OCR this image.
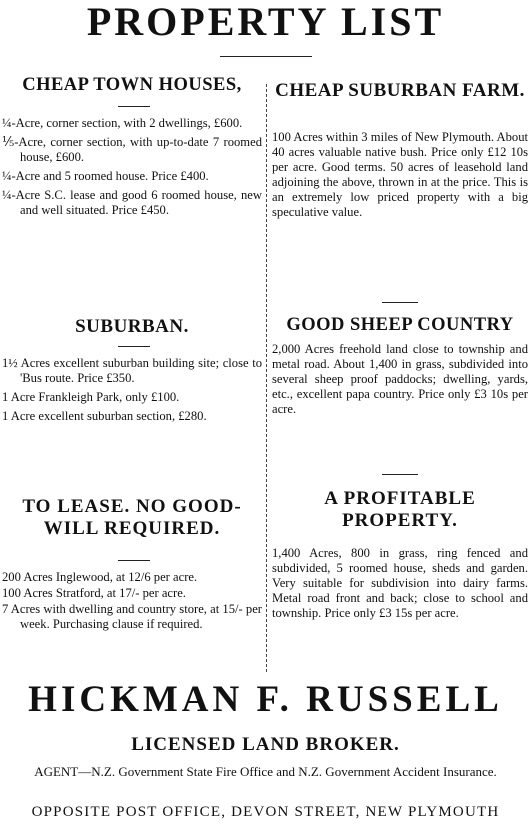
PROPERTY LIST
CHEAP TOWN HOUSES,
¼-Acre, corner section, with 2 dwellings, £600.
⅕-Acre, corner section, with up-to-date 7 roomed house, £600.
¼-Acre and 5 roomed house. Price £400.
¼-Acre S.C. lease and good 6 roomed house, new and well situated. Price £450.
SUBURBAN.
1½ Acres excellent suburban building site; close to 'Bus route. Price £350.
1 Acre Frankleigh Park, only £100.
1 Acre excellent suburban section, £280.
TO LEASE. NO GOOD-WILL REQUIRED.
200 Acres Inglewood, at 12/6 per acre.
100 Acres Stratford, at 17/- per acre.
7 Acres with dwelling and country store, at 15/- per week. Purchasing clause if required.
CHEAP SUBURBAN FARM.

100 Acres within 3 miles of New Plymouth. About 40 acres valuable native bush. Price only £12 10s per acre. Good terms. 50 acres of leasehold land adjoining the above, thrown in at the price. This is an extremely low priced property with a big speculative value.

GOOD SHEEP COUNTRY

2,000 Acres freehold land close to township and metal road. About 1,400 in grass, subdivided into several sheep proof paddocks; dwelling, yards, etc., excellent papa country. Price only £3 10s per acre.

A PROFITABLE PROPERTY.

1,400 Acres, 800 in grass, ring fenced and subdivided, 5 roomed house, sheds and garden. Very suitable for subdivision into dairy farms. Metal road front and back; close to school and township. Price only £3 15s per acre.

HICKMAN F. RUSSELL
LICENSED LAND BROKER.
AGENT—N.Z. Government State Fire Office and N.Z. Government Accident Insurance.
OPPOSITE POST OFFICE, DEVON STREET, NEW PLYMOUTH
